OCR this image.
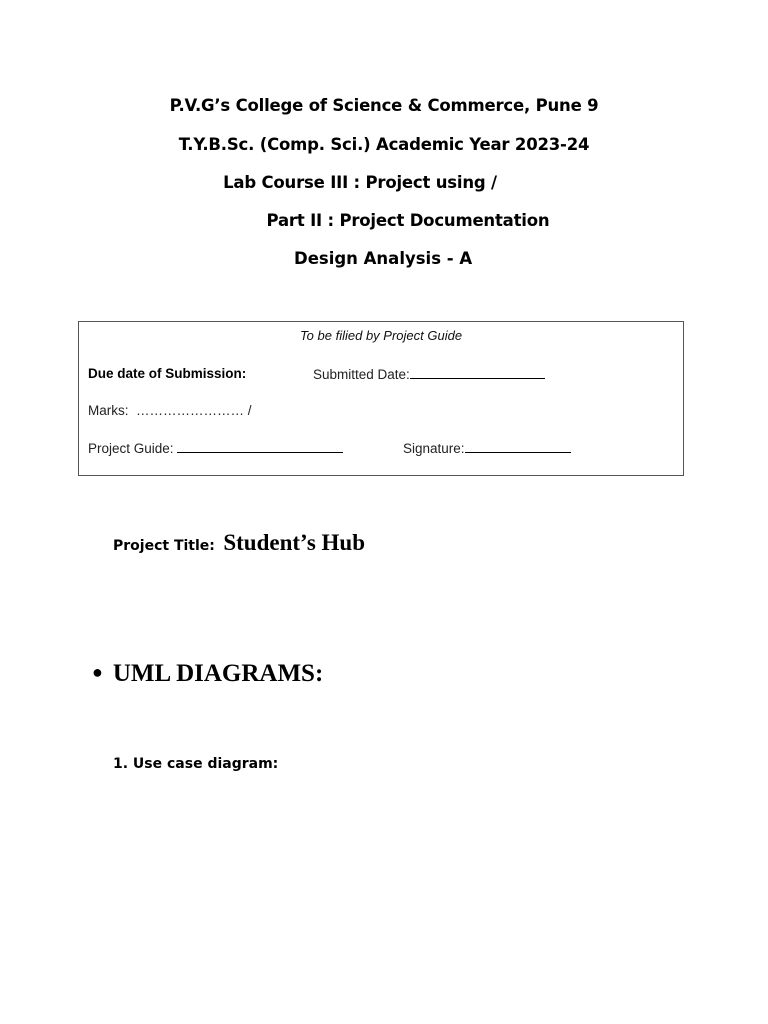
P.V.G’s College of Science & Commerce, Pune 9
T.Y.B.Sc. (Comp. Sci.) Academic Year 2023-24
Lab Course III : Project using /
Part II : Project Documentation
Design Analysis - A
To be filied by Project Guide
Due date of Submission:	Submitted Date:
Marks: …………………… /
Project Guide:	Signature:
Project Title: Student’s Hub
● UML DIAGRAMS:
1. Use case diagram:
